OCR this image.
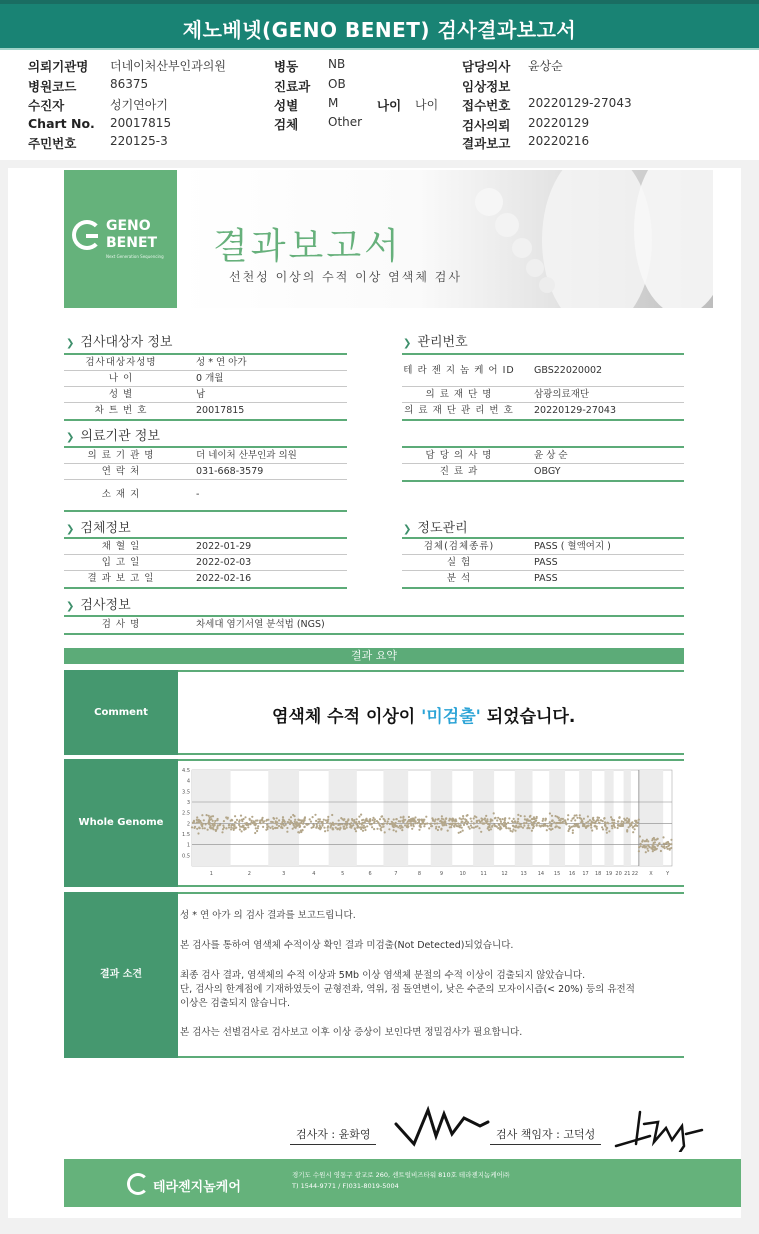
제노베넷(GENO BENET) 검사결과보고서
의뢰기관명 더네이처산부인과의원
병원코드	86375
수진자	성기연아기
Chart No. 20017815
주민번호	220125-3
병동 NB
진료과 OB
성별 M
검체 Other
나이 나이
담당의사 윤상순
임상정보
접수번호 20220129-27043
검사의뢰 20220129
결과보고 20220216
GENO
BENET
Next Generation Sequencing 결과보고서
선천성 이상의 수적 이상 염색체 검사
❯ 검사대상자 정보
검사대상자성명	성 * 연 아가
나 이	0 개월
성 별	남
차 트 번 호	20017815
❯ 관리번호
테 라 젠 지 놈 케 어 ID GBS22020002
의 료 재 단 명	삼광의료재단
의 료 재 단 관 리 번 호 20220129-27043
❯ 의료기관 정보
의 료 기 관 명	더 네이처 산부인과 의원
연 락 처	031-668-3579
소 재 지	-
담 당 의 사 명	윤 상 순
진 료 과	OBGY
❯ 검체정보
채 혈 일	2022-01-29
입 고 일	2022-02-03
결 과 보 고 일	2022-02-16
❯ 정도관리
검체(검체종류)	PASS ( 혈액여지 )
실 험	PASS
분 석	PASS
❯ 검사정보
검 사 명	차세대 염기서열 분석법 (NGS)
결과 요약
Comment	염색체 수적 이상이 '미검출' 되었습니다.
Whole Genome
4.5
4
3.5
3
2.5
2
1.5
1
0.5
1	2	3	4	5	6	7	8	9	10	11	12	13 14 15 16 17 18 19 20 21 22 X	Y
결과 소견
성 * 연 아가 의 검사 결과를 보고드립니다.
본 검사를 통하여 염색체 수적이상 확인 결과 미검출(Not Detected)되었습니다.
최종 검사 결과, 염색체의 수적 이상과 5Mb 이상 염색체 분절의 수적 이상이 검출되지 않았습니다.
단, 검사의 한계점에 기재하였듯이 균형전좌, 역위, 점 돌연변이, 낮은 수준의 모자이시즘(< 20%) 등의 유전적
이상은 검출되지 않습니다.
본 검사는 선별검사로 검사보고 이후 이상 증상이 보인다면 정밀검사가 필요합니다.
검사자 : 윤화영	검사 책임자 : 고덕성
테라젠지놈케어
경기도 수원시 영통구 광교로 260, 센트럴비즈타워 810호 테라젠지놈케어㈜
T) 1544-9771 / F)031-8019-5004
